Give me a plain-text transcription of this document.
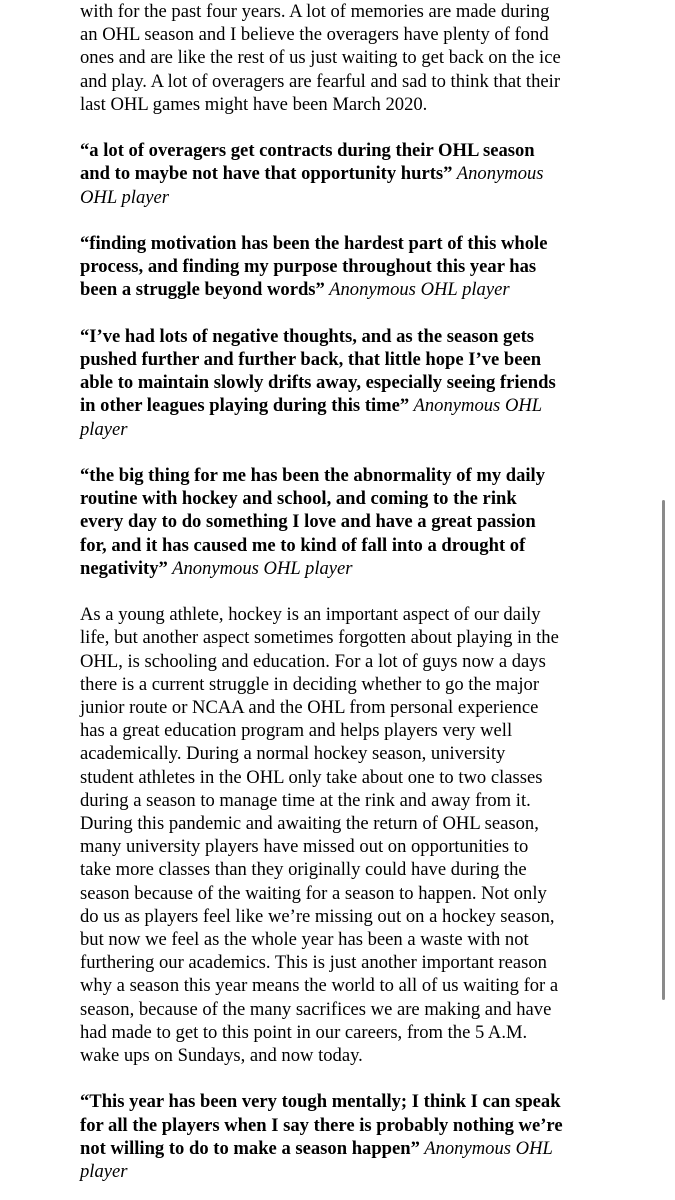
with for the past four years. A lot of memories are made during
an OHL season and I believe the overagers have plenty of fond
ones and are like the rest of us just waiting to get back on the ice
and play. A lot of overagers are fearful and sad to think that their
last OHL games might have been March 2020.
“a lot of overagers get contracts during their OHL season
and to maybe not have that opportunity hurts” Anonymous
OHL player
“finding motivation has been the hardest part of this whole
process, and finding my purpose throughout this year has
been a struggle beyond words” Anonymous OHL player
“I’ve had lots of negative thoughts, and as the season gets
pushed further and further back, that little hope I’ve been
able to maintain slowly drifts away, especially seeing friends
in other leagues playing during this time” Anonymous OHL
player
“the big thing for me has been the abnormality of my daily
routine with hockey and school, and coming to the rink
every day to do something I love and have a great passion
for, and it has caused me to kind of fall into a drought of
negativity” Anonymous OHL player
As a young athlete, hockey is an important aspect of our daily
life, but another aspect sometimes forgotten about playing in the
OHL, is schooling and education. For a lot of guys now a days
there is a current struggle in deciding whether to go the major
junior route or NCAA and the OHL from personal experience
has a great education program and helps players very well
academically. During a normal hockey season, university
student athletes in the OHL only take about one to two classes
during a season to manage time at the rink and away from it.
During this pandemic and awaiting the return of OHL season,
many university players have missed out on opportunities to
take more classes than they originally could have during the
season because of the waiting for a season to happen. Not only
do us as players feel like we’re missing out on a hockey season,
but now we feel as the whole year has been a waste with not
furthering our academics. This is just another important reason
why a season this year means the world to all of us waiting for a
season, because of the many sacrifices we are making and have
had made to get to this point in our careers, from the 5 A.M.
wake ups on Sundays, and now today.
“This year has been very tough mentally; I think I can speak
for all the players when I say there is probably nothing we’re
not willing to do to make a season happen” Anonymous OHL
player
